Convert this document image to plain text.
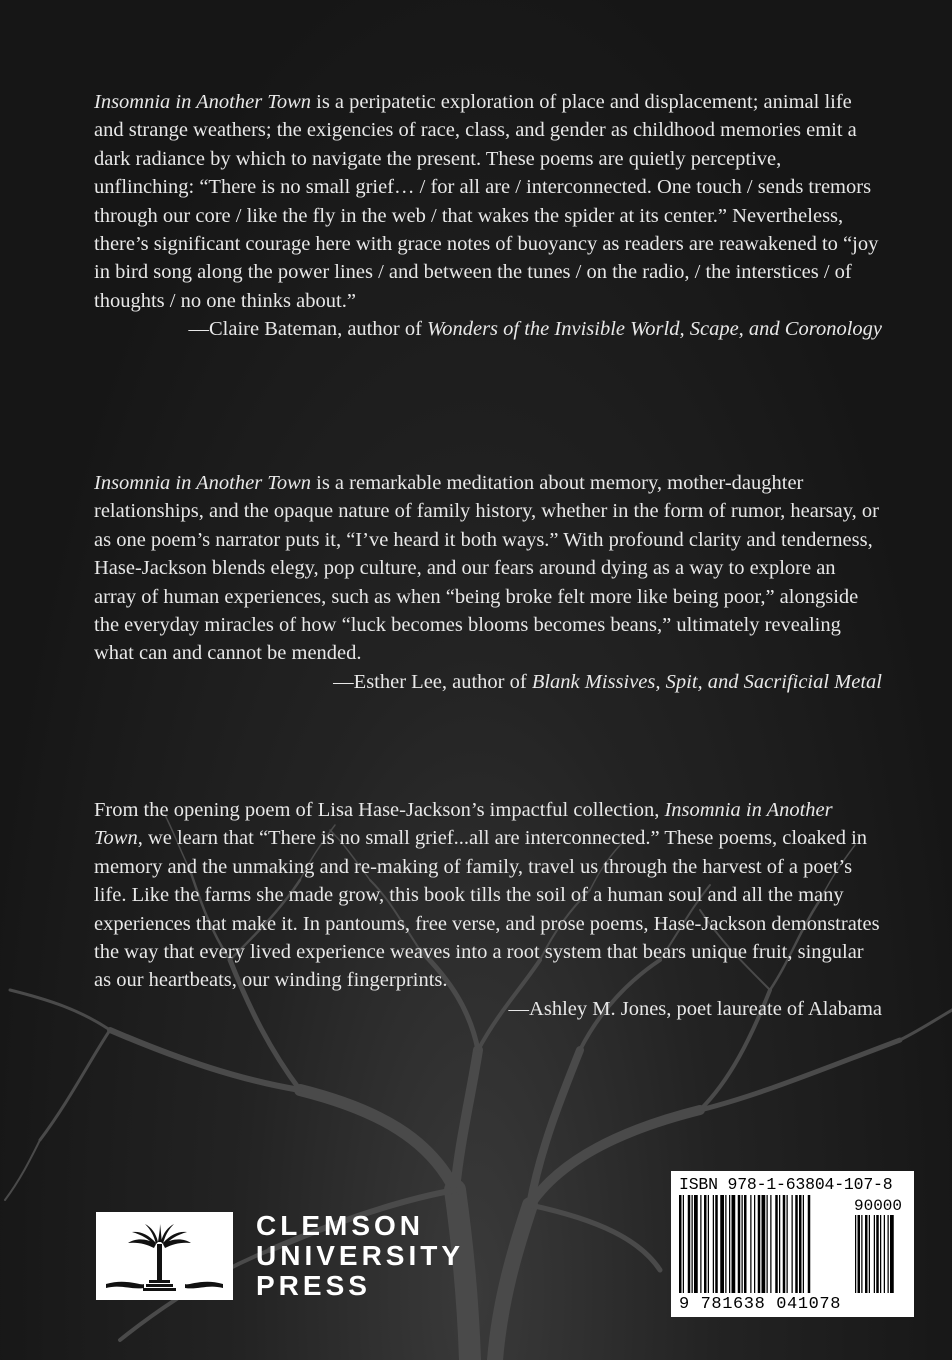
Insomnia in Another Town is a peripatetic exploration of place and displacement; animal life and strange weathers; the exigencies of race, class, and gender as childhood memories emit a dark radiance by which to navigate the present. These poems are quietly perceptive, unflinching: “There is no small grief… / for all are / interconnected. One touch / sends tremors through our core / like the fly in the web / that wakes the spider at its center.” Nevertheless, there’s significant courage here with grace notes of buoyancy as readers are reawakened to “joy in bird song along the power lines / and between the tunes / on the radio, / the interstices / of thoughts / no one thinks about.”

—Claire Bateman, author of Wonders of the Invisible World, Scape, and Coronology

Insomnia in Another Town is a remarkable meditation about memory, mother-daughter relationships, and the opaque nature of family history, whether in the form of rumor, hearsay, or as one poem’s narrator puts it, “I’ve heard it both ways.” With profound clarity and tenderness, Hase-Jackson blends elegy, pop culture, and our fears around dying as a way to explore an array of human experiences, such as when “being broke felt more like being poor,” alongside the everyday miracles of how “luck becomes blooms becomes beans,” ultimately revealing what can and cannot be mended.

—Esther Lee, author of Blank Missives, Spit, and Sacrificial Metal

From the opening poem of Lisa Hase-Jackson’s impactful collection, Insomnia in Another Town, we learn that “There is no small grief...all are interconnected.” These poems, cloaked in memory and the unmaking and re-making of family, travel us through the harvest of a poet’s life. Like the farms she made grow, this book tills the soil of a human soul and all the many experiences that make it. In pantoums, free verse, and prose poems, Hase-Jackson demonstrates the way that every lived experience weaves into a root system that bears unique fruit, singular as our heartbeats, our winding fingerprints.

—Ashley M. Jones, poet laureate of Alabama

CLEMSON
UNIVERSITY
PRESS
ISBN 978-1-63804-107-8
90000
9 781638 041078
